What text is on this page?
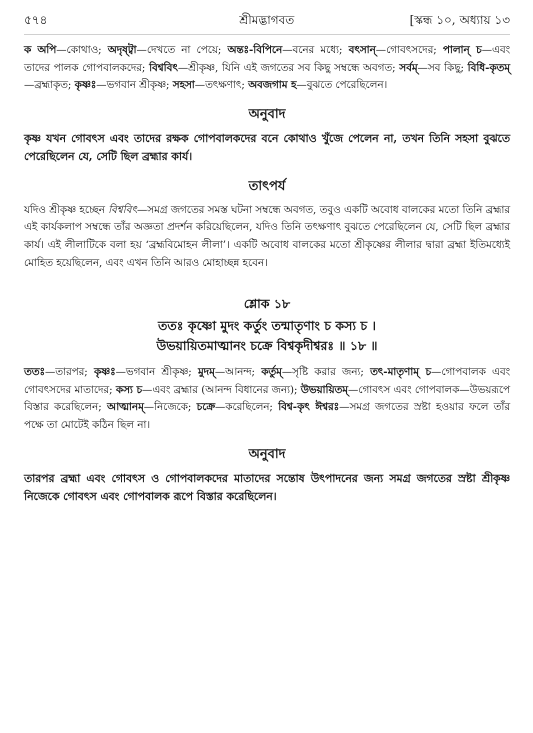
৫৭৪	শ্রীমদ্ভাগবত	[স্কন্ধ ১০, অধ্যায় ১৩

ক অপি—কোথাও; অদৃষ্ট্বা—দেখতে না পেয়ে; অন্তঃ-বিপিনে—বনের মধ্যে; বৎসান্—গোবৎসদের; পালান্ চ—এবং তাদের পালক গোপবালকদের; বিশ্ববিৎ—শ্রীকৃষ্ণ, যিনি এই জগতের সব কিছু সম্বন্ধে অবগত; সর্বম্—সব কিছু; বিধি-কৃতম্—ব্রহ্মাকৃত; কৃষ্ণঃ—ভগবান শ্রীকৃষ্ণ; সহসা—তৎক্ষণাৎ; অবজগাম হ—বুঝতে পেরেছিলেন।

অনুবাদ

কৃষ্ণ যখন গোবৎস এবং তাদের রক্ষক গোপবালকদের বনে কোথাও খুঁজে পেলেন না, তখন তিনি সহসা বুঝতে পেরেছিলেন যে, সেটি ছিল ব্রহ্মার কার্য।

তাৎপর্য

যদিও শ্রীকৃষ্ণ হচ্ছেন বিশ্ববিৎ—সমগ্র জগতের সমস্ত ঘটনা সম্বন্ধে অবগত, তবুও একটি অবোধ বালকের মতো তিনি ব্রহ্মার এই কার্যকলাপ সম্বন্ধে তাঁর অজ্ঞতা প্রদর্শন করিয়েছিলেন, যদিও তিনি তৎক্ষণাৎ বুঝতে পেরেছিলেন যে, সেটি ছিল ব্রহ্মার কার্য। এই লীলাটিকে বলা হয় ‘ব্রহ্মবিমোহন লীলা’। একটি অবোধ বালকের মতো শ্রীকৃষ্ণের লীলার দ্বারা ব্রহ্মা ইতিমধ্যেই মোহিত হয়েছিলেন, এবং এখন তিনি আরও মোহাচ্ছন্ন হবেন।

শ্লোক ১৮
ততঃ কৃষ্ণো মুদং কর্তুং তন্মাতৃণাং চ কস্য চ ।
উভয়ায়িতমাত্মানং চক্রে বিশ্বকৃদীশ্বরঃ ॥ ১৮ ॥

ততঃ—তারপর; কৃষ্ণঃ—ভগবান শ্রীকৃষ্ণ; মুদম্—আনন্দ; কর্তুম্—সৃষ্টি করার জন্য; তৎ-মাতৃণাম্ চ—গোপবালক এবং গোবৎসদের মাতাদের; কস্য চ—এবং ব্রহ্মার (আনন্দ বিধানের জন্য); উভয়ায়িতম্—গোবৎস এবং গোপবালক—উভয়রূপে বিস্তার করেছিলেন; আত্মানম্—নিজেকে; চক্রে—করেছিলেন; বিশ্ব-কৃৎ ঈশ্বরঃ—সমগ্র জগতের স্রষ্টা হওয়ার ফলে তাঁর পক্ষে তা মোটেই কঠিন ছিল না।

অনুবাদ

তারপর ব্রহ্মা এবং গোবৎস ও গোপবালকদের মাতাদের সন্তোষ উৎপাদনের জন্য সমগ্র জগতের স্রষ্টা শ্রীকৃষ্ণ নিজেকে গোবৎস এবং গোপবালক রূপে বিস্তার করেছিলেন।
